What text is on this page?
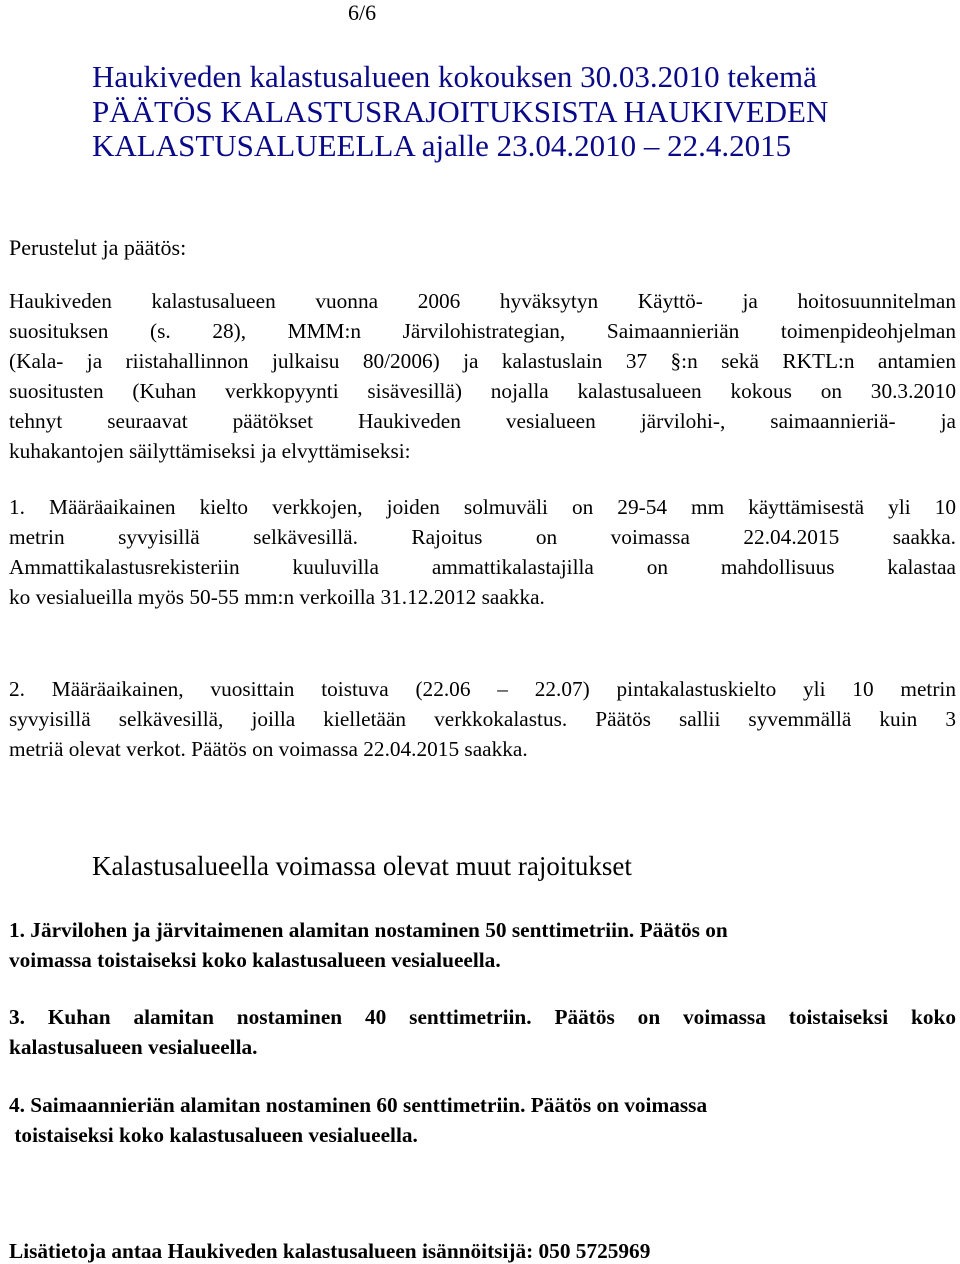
6/6
Haukiveden kalastusalueen kokouksen 30.03.2010 tekemä
PÄÄTÖS KALASTUSRAJOITUKSISTA HAUKIVEDEN
KALASTUSALUEELLA ajalle 23.04.2010 – 22.4.2015
Perustelut ja päätös:
Haukiveden kalastusalueen vuonna 2006 hyväksytyn Käyttö- ja hoitosuunnitelman
suosituksen (s. 28), MMM:n Järvilohistrategian, Saimaannieriän toimenpideohjelman
(Kala- ja riistahallinnon julkaisu 80/2006) ja kalastuslain 37 §:n sekä RKTL:n antamien
suositusten (Kuhan verkkopyynti sisävesillä) nojalla kalastusalueen kokous on 30.3.2010
tehnyt seuraavat päätökset Haukiveden vesialueen järvilohi-, saimaannieriä- ja
kuhakantojen säilyttämiseksi ja elvyttämiseksi:
1. Määräaikainen kielto verkkojen, joiden solmuväli on 29-54 mm käyttämisestä yli 10
metrin syvyisillä selkävesillä. Rajoitus on voimassa 22.04.2015 saakka.
Ammattikalastusrekisteriin kuuluvilla ammattikalastajilla on mahdollisuus kalastaa
ko vesialueilla myös 50-55 mm:n verkoilla 31.12.2012 saakka.
2. Määräaikainen, vuosittain toistuva (22.06 – 22.07) pintakalastuskielto yli 10 metrin
syvyisillä selkävesillä, joilla kielletään verkkokalastus. Päätös sallii syvemmällä kuin 3
metriä olevat verkot. Päätös on voimassa 22.04.2015 saakka.
Kalastusalueella voimassa olevat muut rajoitukset
1. Järvilohen ja järvitaimenen alamitan nostaminen 50 senttimetriin. Päätös on
voimassa toistaiseksi koko kalastusalueen vesialueella.
3. Kuhan alamitan nostaminen 40 senttimetriin. Päätös on voimassa toistaiseksi koko
kalastusalueen vesialueella.
4. Saimaannieriän alamitan nostaminen 60 senttimetriin. Päätös on voimassa
toistaiseksi koko kalastusalueen vesialueella.
Lisätietoja antaa Haukiveden kalastusalueen isännöitsijä: 050 5725969
